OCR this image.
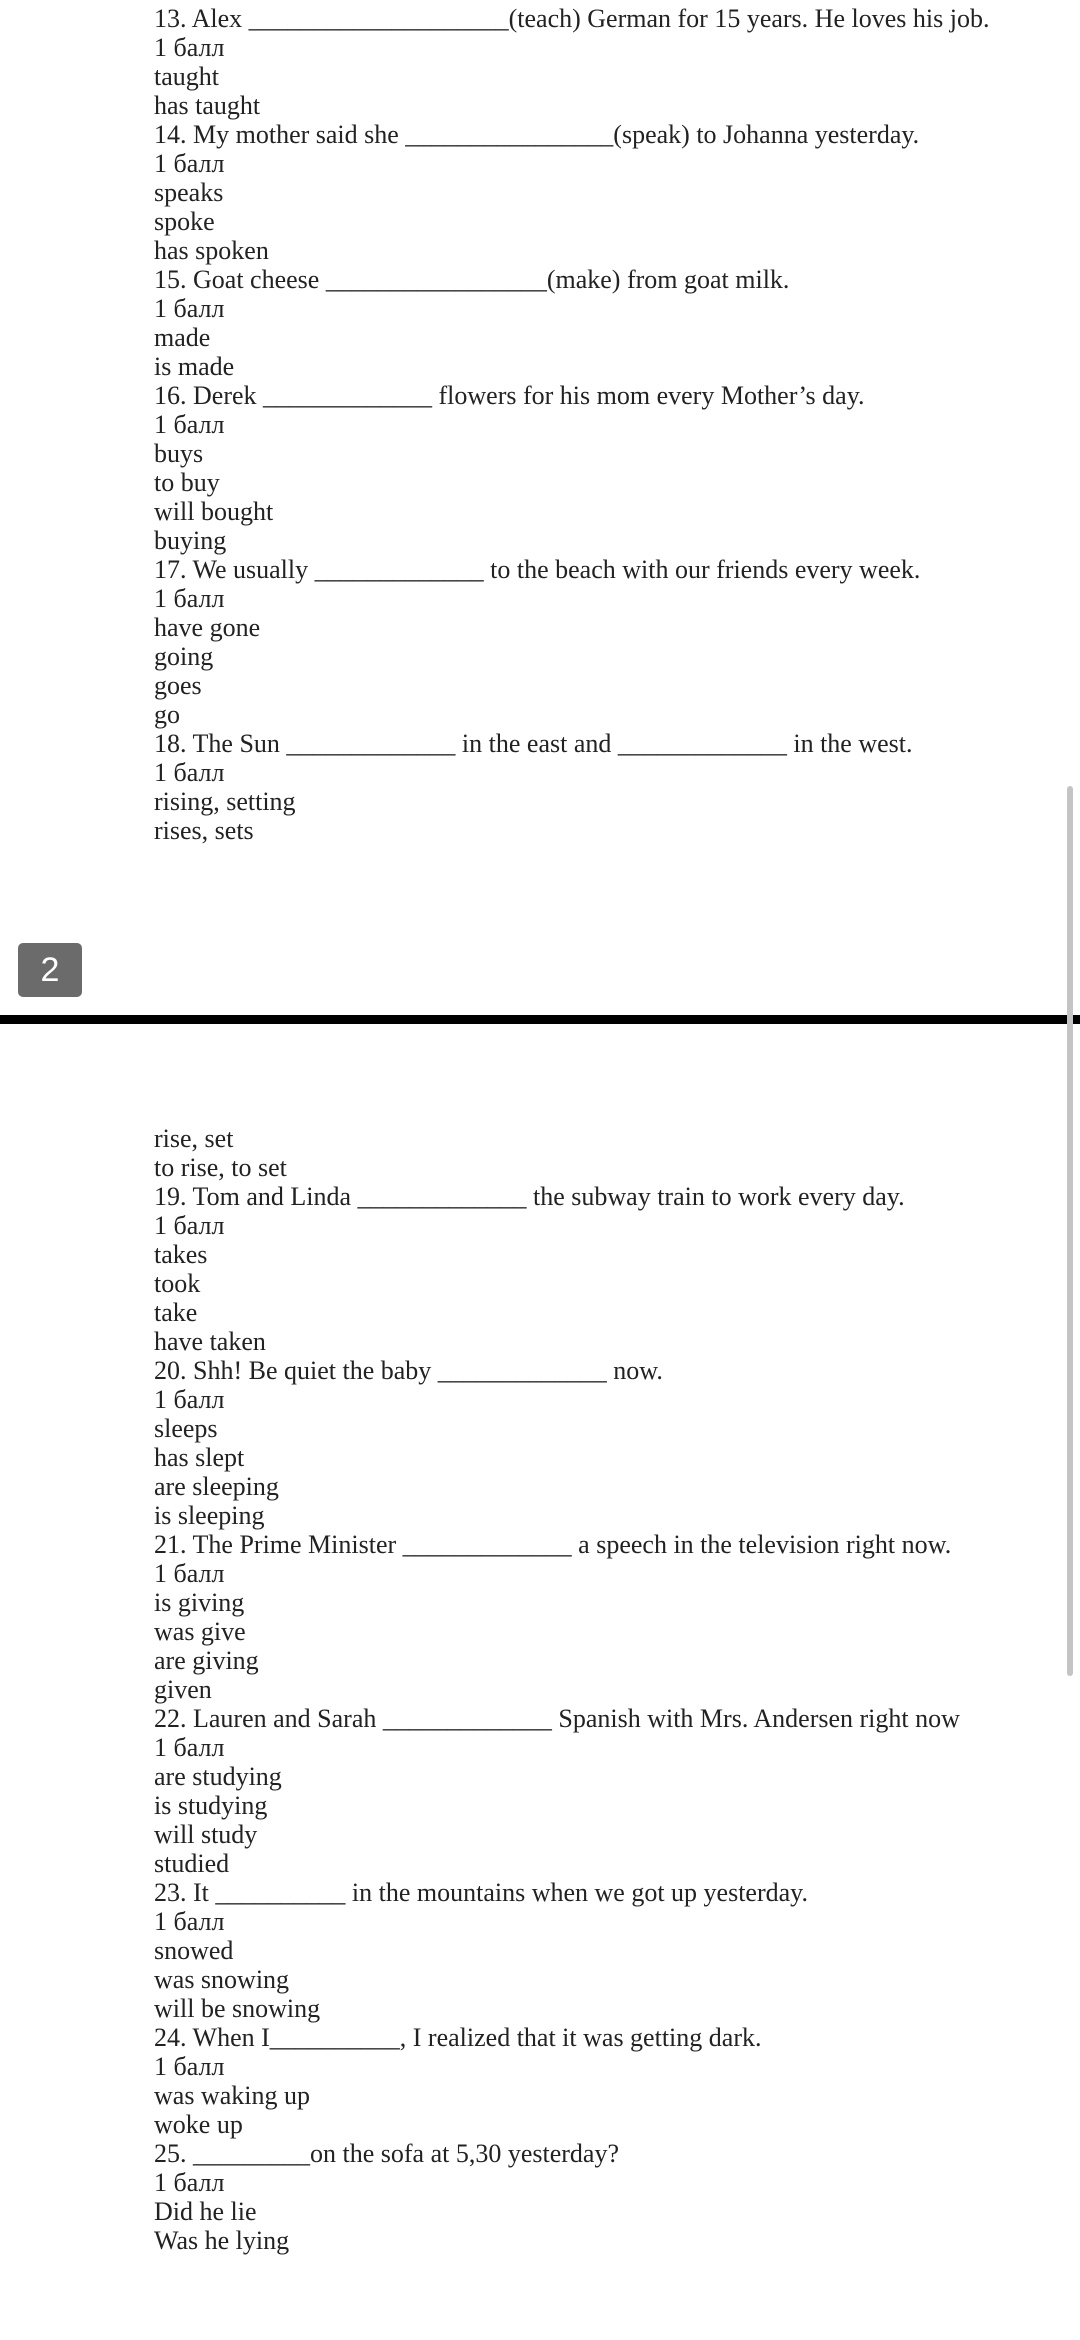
13. Alex ____________________(teach) German for 15 years. He loves his job.
1 балл
taught
has taught
14. My mother said she ________________(speak) to Johanna yesterday.
1 балл
speaks
spoke
has spoken
15. Goat cheese _________________(make) from goat milk.
1 балл
made
is made
16. Derek _____________ flowers for his mom every Mother’s day.
1 балл
buys
to buy
will bought
buying
17. We usually _____________ to the beach with our friends every week.
1 балл
have gone
going
goes
go
18. The Sun _____________ in the east and _____________ in the west.
1 балл
rising, setting
rises, sets
2
rise, set
to rise, to set
19. Tom and Linda _____________ the subway train to work every day.
1 балл
takes
took
take
have taken
20. Shh! Be quiet the baby _____________ now.
1 балл
sleeps
has slept
are sleeping
is sleeping
21. The Prime Minister _____________ a speech in the television right now.
1 балл
is giving
was give
are giving
given
22. Lauren and Sarah _____________ Spanish with Mrs. Andersen right now
1 балл
are studying
is studying
will study
studied
23. It __________ in the mountains when we got up yesterday.
1 балл
snowed
was snowing
will be snowing
24. When I__________, I realized that it was getting dark.
1 балл
was waking up
woke up
25. _________on the sofa at 5,30 yesterday?
1 балл
Did he lie
Was he lying
